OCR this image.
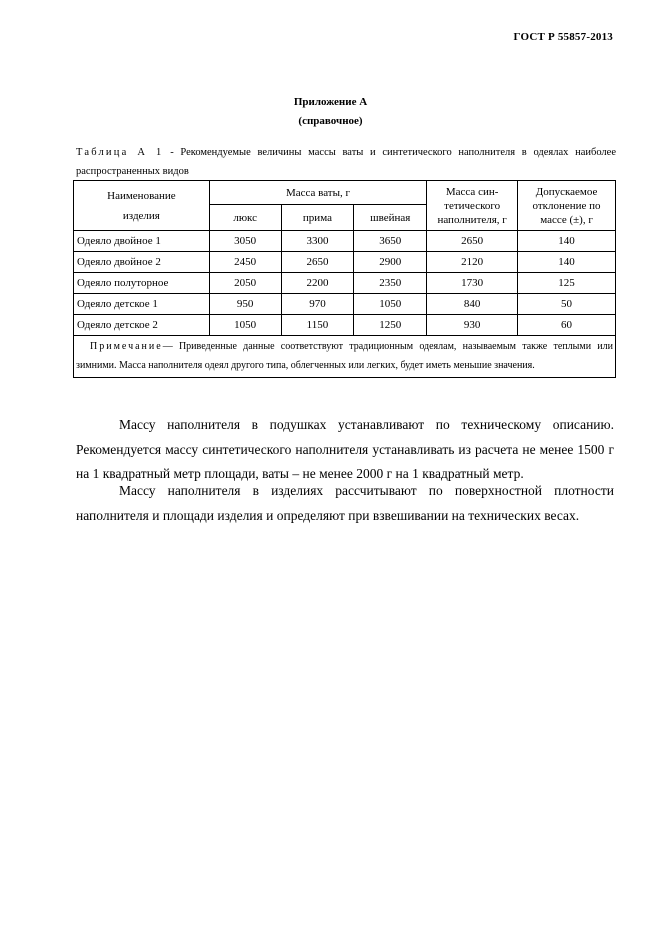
ГОСТ Р 55857-2013
Приложение А
(справочное)
Таблица А 1 - Рекомендуемые величины массы ваты и синтетического наполнителя в одеялах наиболее распространенных видов
Наименование изделия	Масса ваты, г			Масса син-тетического наполнителя, г	Допускаемое отклонение по массе (±), г
	люкс	прима	швейная		
Одеяло двойное 1	3050	3300	3650	2650	140
Одеяло двойное 2	2450	2650	2900	2120	140
Одеяло полуторное	2050	2200	2350	1730	125
Одеяло детское 1	950	970	1050	840	50
Одеяло детское 2	1050	1150	1250	930	60
Примечание— Приведенные данные соответствуют традиционным одеялам, называемым также теплыми или зимними. Масса наполнителя одеял другого типа, облегченных или легких, будет иметь меньшие значения.					
Массу наполнителя в подушках устанавливают по техническому описанию. Рекомендуется массу синтетического наполнителя устанавливать из расчета не менее 1500 г на 1 квадратный метр площади, ваты – не менее 2000 г на 1 квадратный метр.
Массу наполнителя в изделиях рассчитывают по поверхностной плотности наполнителя и площади изделия и определяют при взвешивании на технических весах.
